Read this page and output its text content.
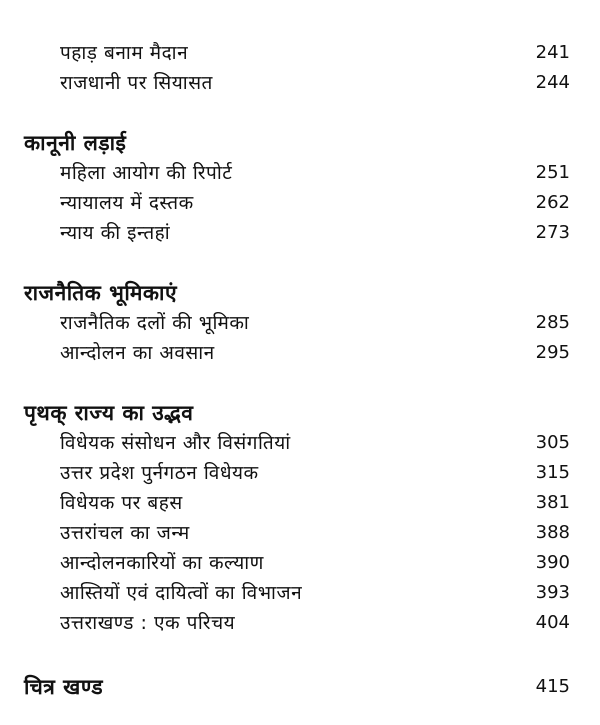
पहाड़ बनाम मैदान	241
राजधानी पर सियासत	244
कानूनी लड़ाई
महिला आयोग की रिपोर्ट	251
न्यायालय में दस्तक	262
न्याय की इन्तहां	273
राजनैतिक भूमिकाएं
राजनैतिक दलों की भूमिका	285
आन्दोलन का अवसान	295
पृथक् राज्य का उद्भव
विधेयक संसोधन और विसंगतियां	305
उत्तर प्रदेश पुर्नगठन विधेयक	315
विधेयक पर बहस	381
उत्तरांचल का जन्म	388
आन्दोलनकारियों का कल्याण	390
आस्तियों एवं दायित्वों का विभाजन	393
उत्तराखण्ड : एक परिचय	404
चित्र खण्ड	415
